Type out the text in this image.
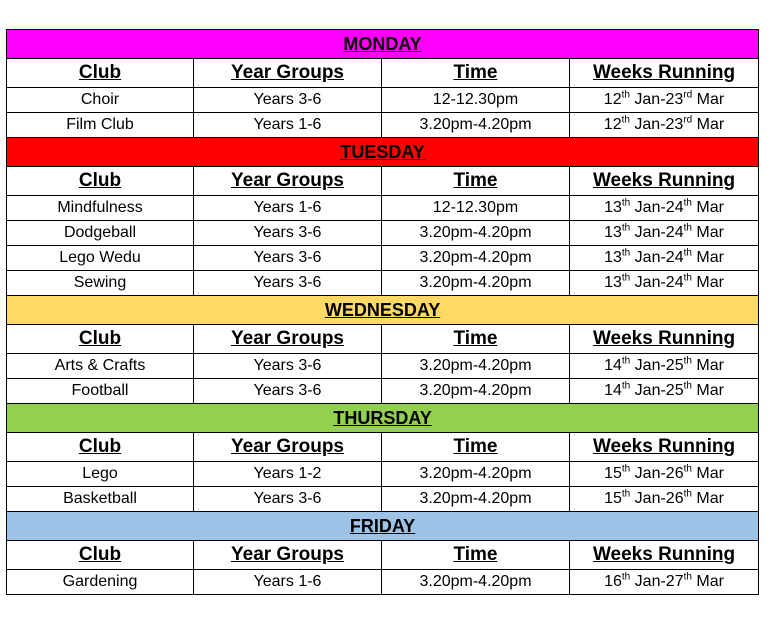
MONDAY			
Club	Year Groups	Time	Weeks Running
Choir	Years 3-6	12-12.30pm	12th Jan-23rd Mar
Film Club	Years 1-6	3.20pm-4.20pm	12th Jan-23rd Mar
TUESDAY			
Club	Year Groups	Time	Weeks Running
Mindfulness	Years 1-6	12-12.30pm	13th Jan-24th Mar
Dodgeball	Years 3-6	3.20pm-4.20pm	13th Jan-24th Mar
Lego Wedu	Years 3-6	3.20pm-4.20pm	13th Jan-24th Mar
Sewing	Years 3-6	3.20pm-4.20pm	13th Jan-24th Mar
WEDNESDAY			
Club	Year Groups	Time	Weeks Running
Arts & Crafts	Years 3-6	3.20pm-4.20pm	14th Jan-25th Mar
Football	Years 3-6	3.20pm-4.20pm	14th Jan-25th Mar
THURSDAY			
Club	Year Groups	Time	Weeks Running
Lego	Years 1-2	3.20pm-4.20pm	15th Jan-26th Mar
Basketball	Years 3-6	3.20pm-4.20pm	15th Jan-26th Mar
FRIDAY			
Club	Year Groups	Time	Weeks Running
Gardening	Years 1-6	3.20pm-4.20pm	16th Jan-27th Mar
